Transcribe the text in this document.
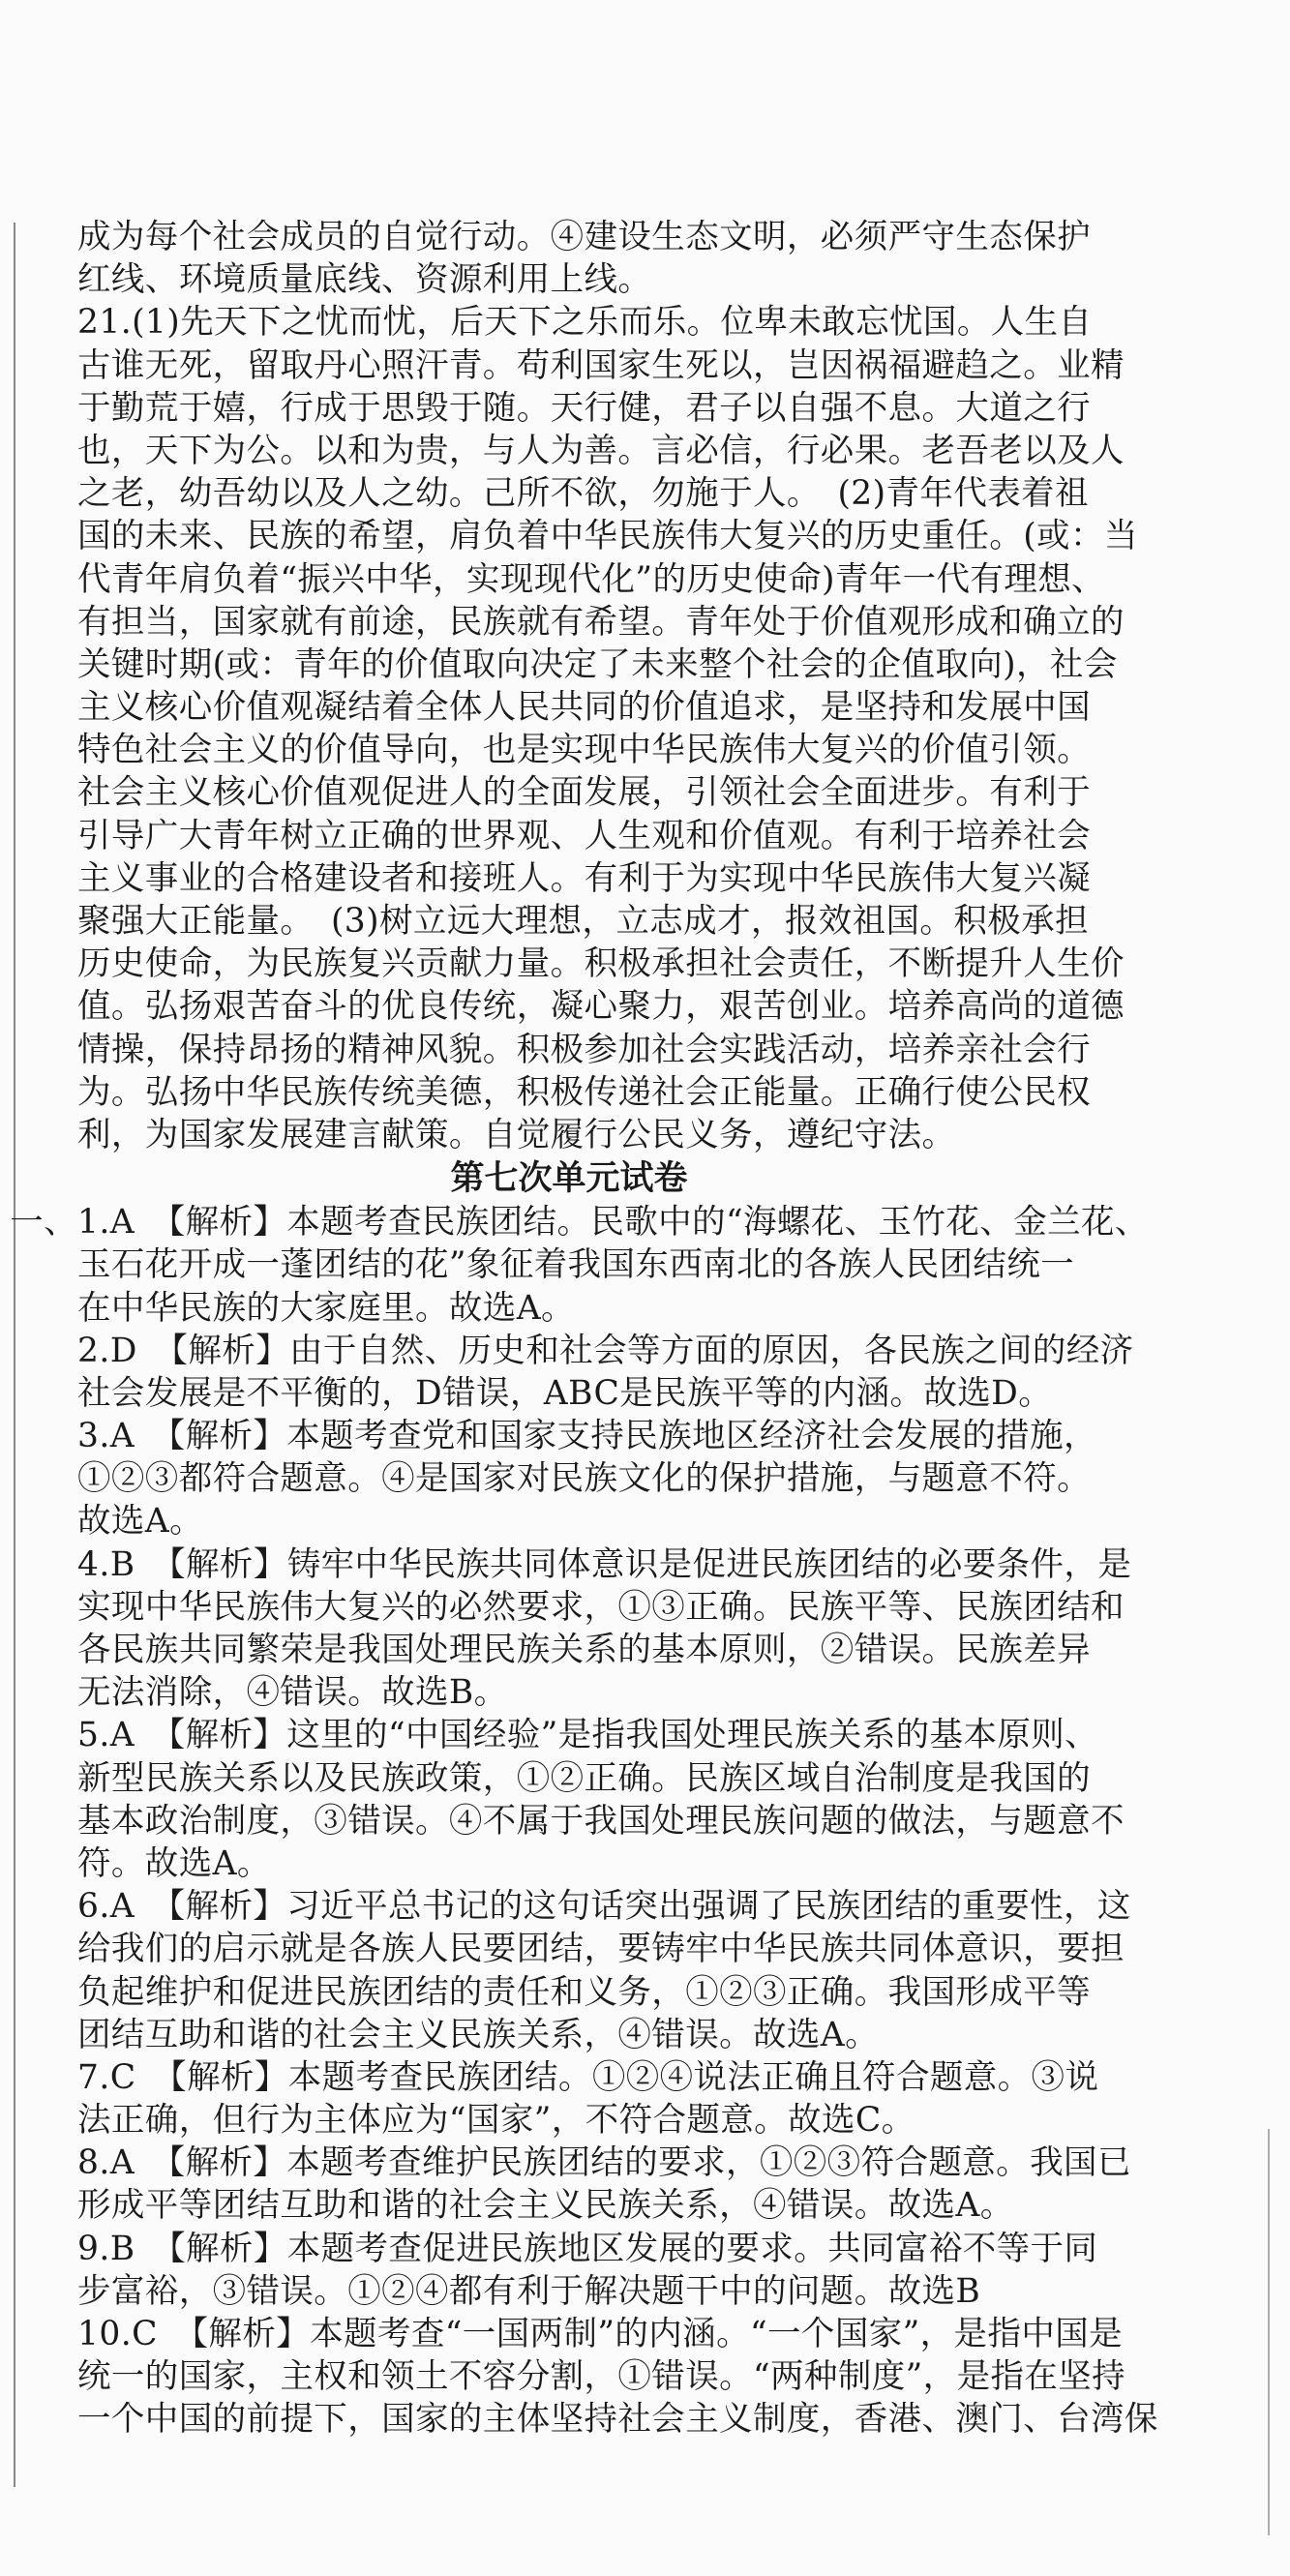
成为每个社会成员的自觉行动。④建设生态文明，必须严守生态保护
红线、环境质量底线、资源利用上线。
21.(1)先天下之忧而忧，后天下之乐而乐。位卑未敢忘忧国。人生自
古谁无死，留取丹心照汗青。苟利国家生死以，岂因祸福避趋之。业精
于勤荒于嬉，行成于思毁于随。天行健，君子以自强不息。大道之行
也，天下为公。以和为贵，与人为善。言必信，行必果。老吾老以及人
之老，幼吾幼以及人之幼。己所不欲，勿施于人。　(2)青年代表着祖
国的未来、民族的希望，肩负着中华民族伟大复兴的历史重任。(或：当
代青年肩负着“振兴中华，实现现代化”的历史使命)青年一代有理想、
有担当，国家就有前途，民族就有希望。青年处于价值观形成和确立的
关键时期(或：青年的价值取向决定了未来整个社会的企值取向)，社会
主义核心价值观凝结着全体人民共同的价值追求，是坚持和发展中国
特色社会主义的价值导向，也是实现中华民族伟大复兴的价值引领。
社会主义核心价值观促进人的全面发展，引领社会全面进步。有利于
引导广大青年树立正确的世界观、人生观和价值观。有利于培养社会
主义事业的合格建设者和接班人。有利于为实现中华民族伟大复兴凝
聚强大正能量。　(3)树立远大理想，立志成才，报效祖国。积极承担
历史使命，为民族复兴贡献力量。积极承担社会责任，不断提升人生价
值。弘扬艰苦奋斗的优良传统，凝心聚力，艰苦创业。培养高尚的道德
情操，保持昂扬的精神风貌。积极参加社会实践活动，培养亲社会行
为。弘扬中华民族传统美德，积极传递社会正能量。正确行使公民权
利，为国家发展建言献策。自觉履行公民义务，遵纪守法。
第七次单元试卷
一、 1.A　【解析】本题考查民族团结。民歌中的“海螺花、玉竹花、金兰花、
玉石花开成一蓬团结的花”象征着我国东西南北的各族人民团结统一
在中华民族的大家庭里。故选A。
2.D　【解析】由于自然、历史和社会等方面的原因，各民族之间的经济
社会发展是不平衡的，D错误，ABC是民族平等的内涵。故选D。
3.A　【解析】本题考查党和国家支持民族地区经济社会发展的措施，
①②③都符合题意。④是国家对民族文化的保护措施，与题意不符。
故选A。
4.B　【解析】铸牢中华民族共同体意识是促进民族团结的必要条件，是
实现中华民族伟大复兴的必然要求，①③正确。民族平等、民族团结和
各民族共同繁荣是我国处理民族关系的基本原则，②错误。民族差异
无法消除，④错误。故选B。
5.A　【解析】这里的“中国经验”是指我国处理民族关系的基本原则、
新型民族关系以及民族政策，①②正确。民族区域自治制度是我国的
基本政治制度，③错误。④不属于我国处理民族问题的做法，与题意不
符。故选A。
6.A　【解析】习近平总书记的这句话突出强调了民族团结的重要性，这
给我们的启示就是各族人民要团结，要铸牢中华民族共同体意识，要担
负起维护和促进民族团结的责任和义务，①②③正确。我国形成平等
团结互助和谐的社会主义民族关系，④错误。故选A。
7.C　【解析】本题考查民族团结。①②④说法正确且符合题意。③说
法正确，但行为主体应为“国家”，不符合题意。故选C。
8.A　【解析】本题考查维护民族团结的要求，①②③符合题意。我国已
形成平等团结互助和谐的社会主义民族关系，④错误。故选A。
9.B　【解析】本题考查促进民族地区发展的要求。共同富裕不等于同
步富裕，③错误。①②④都有利于解决题干中的问题。故选B
10.C　【解析】本题考查“一国两制”的内涵。“一个国家”，是指中国是
统一的国家，主权和领土不容分割，①错误。“两种制度”，是指在坚持
一个中国的前提下，国家的主体坚持社会主义制度，香港、澳门、台湾保
